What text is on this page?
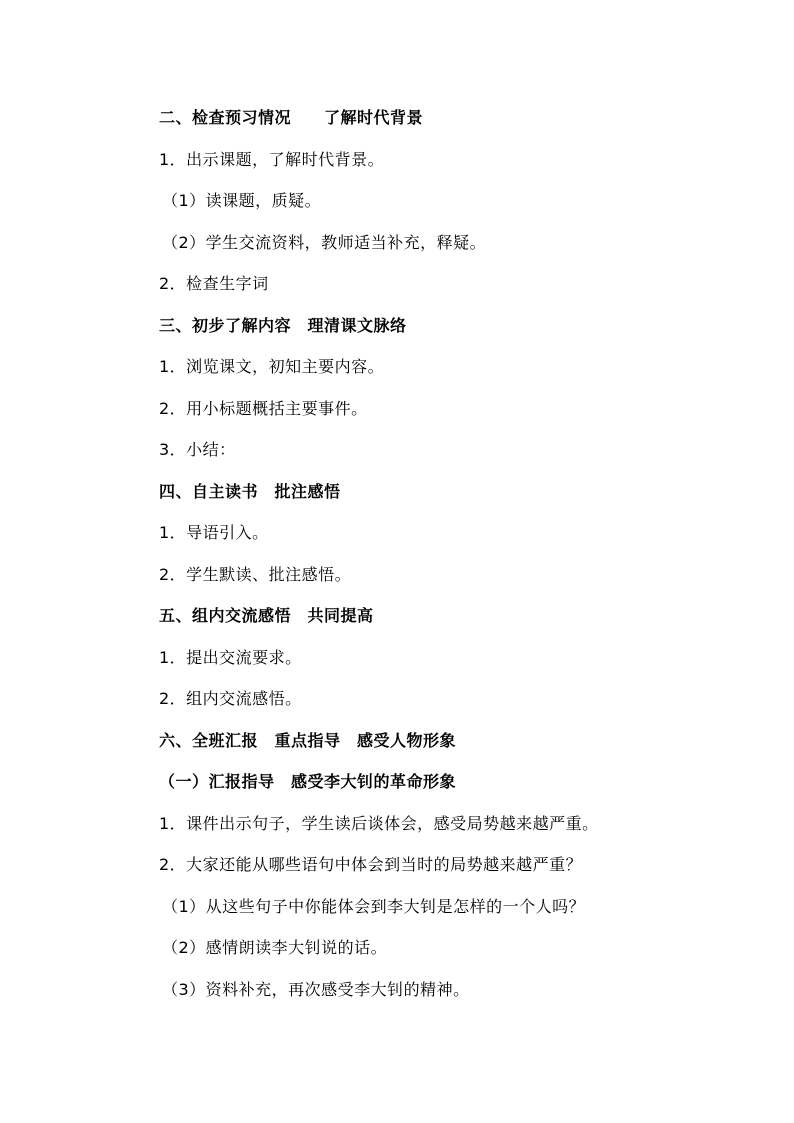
二、检查预习情况　　了解时代背景
1．出示课题，了解时代背景。
（1）读课题，质疑。
（2）学生交流资料，教师适当补充，释疑。
2．检查生字词
三、初步了解内容　理清课文脉络
1．浏览课文，初知主要内容。
2．用小标题概括主要事件。
3．小结：
四、自主读书　批注感悟
1．导语引入。
2．学生默读、批注感悟。
五、组内交流感悟　共同提高
1．提出交流要求。
2．组内交流感悟。
六、全班汇报　重点指导　感受人物形象
（一）汇报指导　感受李大钊的革命形象
1．课件出示句子，学生读后谈体会，感受局势越来越严重。
2．大家还能从哪些语句中体会到当时的局势越来越严重？
（1）从这些句子中你能体会到李大钊是怎样的一个人吗？
（2）感情朗读李大钊说的话。
（3）资料补充，再次感受李大钊的精神。
